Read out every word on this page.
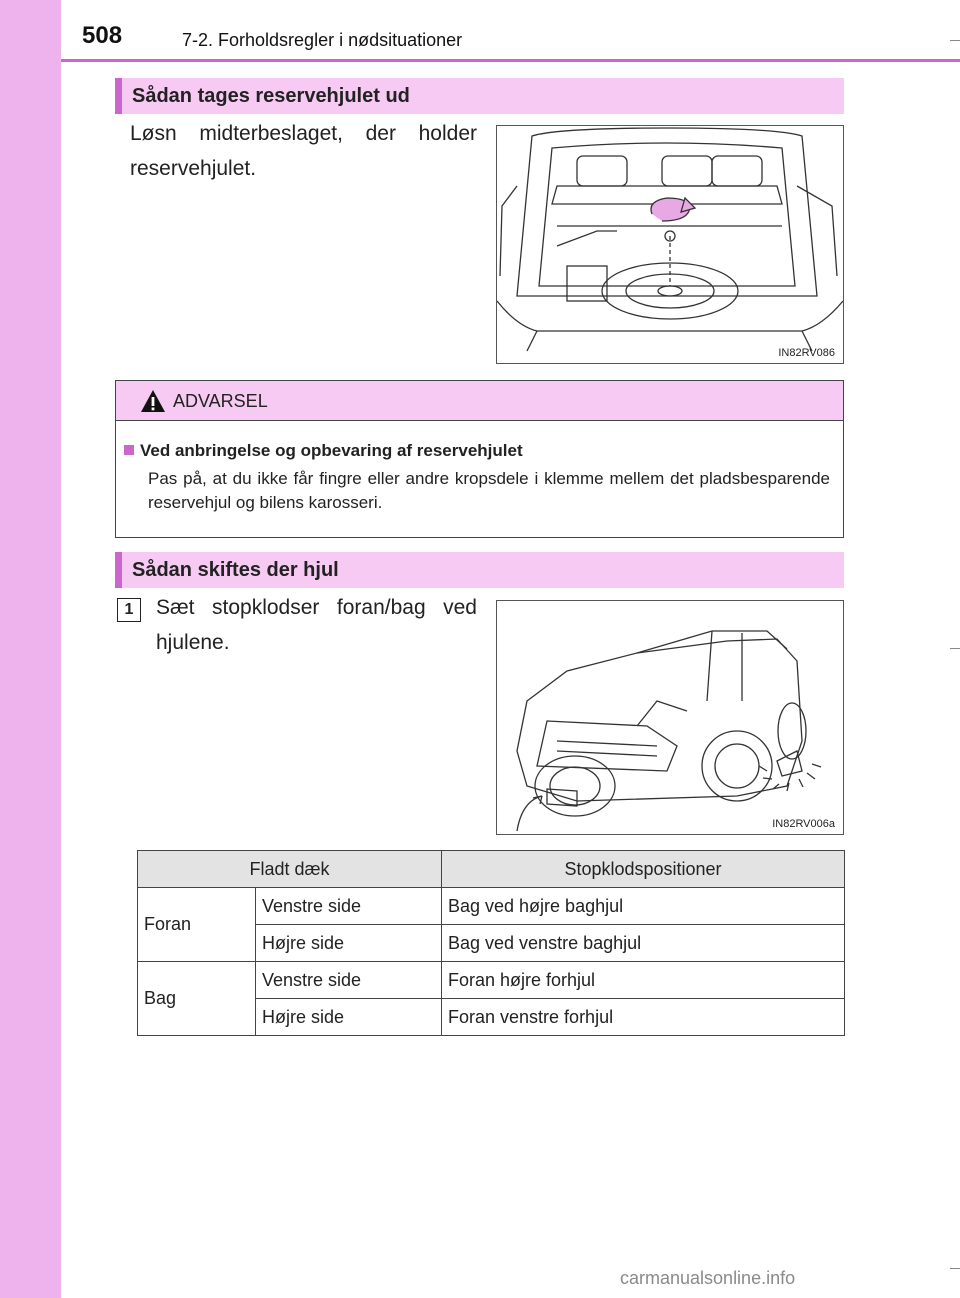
508	7-2. Forholdsregler i nødsituationer
Sådan tages reservehjulet ud
Løsn midterbeslaget, der holder reservehjulet.
IN82RV086
ADVARSEL
Ved anbringelse og opbevaring af reservehjulet
Pas på, at du ikke får fingre eller andre kropsdele i klemme mellem det pladsbesparende reservehjul og bilens karosseri.
Sådan skiftes der hjul
1	Sæt stopklodser foran/bag ved hjulene.
IN82RV006a
Fladt dæk		Stopklodspositioner
Foran	Venstre side	Bag ved højre baghjul
	Højre side	Bag ved venstre baghjul
Bag	Venstre side	Foran højre forhjul
	Højre side	Foran venstre forhjul
carmanualsonline.info
